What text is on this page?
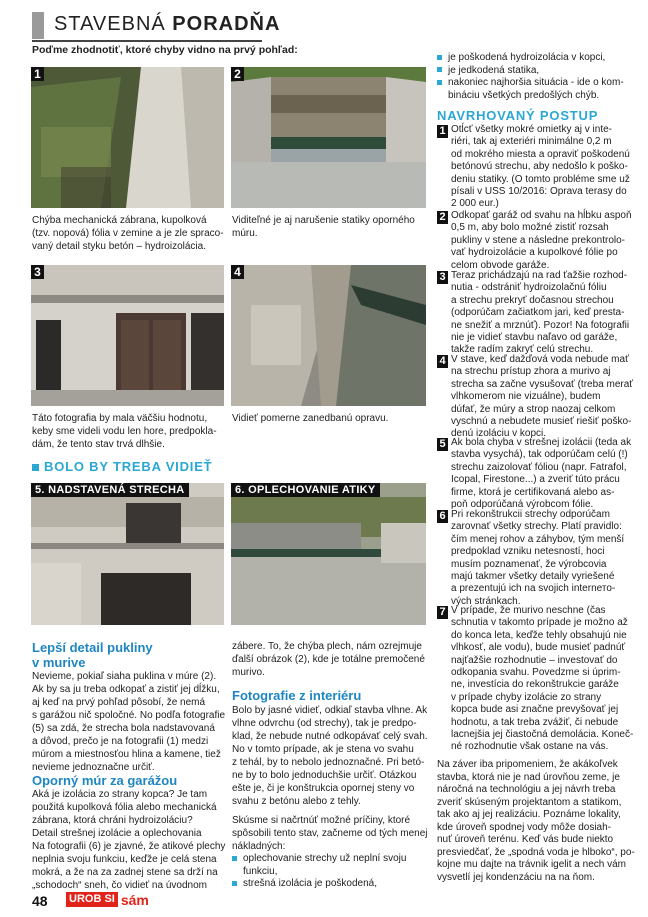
STAVEBNÁ PORADŇA
Poďme zhodnotiť, ktoré chyby vidno na prvý pohľad:
1
Chýba mechanická zábrana, kupolková
(tzv. nopová) fólia v zemine a je zle spraco-
vaný detail styku betón – hydroizolácia.
2
Viditeľné je aj narušenie statiky oporného
múru.
3
Táto fotografia by mala väčšiu hodnotu,
keby sme videli vodu len hore, predpokla-
dám, že tento stav trvá dlhšie.
4
Vidieť pomerne zanedbanú opravu.
BOLO BY TREBA VIDIEŤ
5. NADSTAVENÁ STRECHA	6. OPLECHOVANIE ATIKY
Lepší detail pukliny
v murive
Nevieme, pokiaľ siaha puklina v múre (2).
Ak by sa ju treba odkopať a zistiť jej dĺžku,
aj keď na prvý pohľad pôsobí, že nemá
s garážou nič spoločné. No podľa fotografie
(5) sa zdá, že strecha bola nadstavovaná
a dôvod, prečo je na fotografii (1) medzi
múrom a miestnosťou hlina a kamene, tiež
nevieme jednoznačne určiť.
Oporný múr za garážou
Aká je izolácia zo strany kopca? Je tam
použitá kupolková fólia alebo mechanická
zábrana, ktorá chráni hydroizoláciu?
Detail strešnej izolácie a oplechovania
Na fotografii (6) je zjavné, že atikové plechy
neplnia svoju funkciu, keďže je celá stena
mokrá, a že na za zadnej stene sa drží na
„schodoch“ sneh, čo vidieť na úvodnom
zábere. To, že chýba plech, nám ozrejmuje
ďalší obrázok (2), kde je totálne premočené
murivo.
Fotografie z interiéru
Bolo by jasné vidieť, odkiaľ stavba vlhne. Ak
vlhne odvrchu (od strechy), tak je predpo-
klad, že nebude nutné odkopávať celý svah.
No v tomto prípade, ak je stena vo svahu
z tehál, by to nebolo jednoznačné. Pri betó-
ne by to bolo jednoduchšie určiť. Otázkou
ešte je, či je konštrukcia opornej steny vo
svahu z betónu alebo z tehly.
Skúsme si načrtnúť možné príčiny, ktoré
spôsobili tento stav, začneme od tých menej
nákladných:
oplechovanie strechy už neplní svoju
funkciu,
strešná izolácia je poškodená,
je poškodená hydroizolácia v kopci,
je jedkodená statika,
nakoniec najhoršia situácia - ide o kom-
bináciu všetkých predošlých chýb.
NAVRHOVANÝ POSTUP
1 Otĺcť všetky mokré omietky aj v inte-
riéri, tak aj exteriéri minimálne 0,2 m
od mokrého miesta a opraviť poškodenú
betónovú strechu, aby nedošlo k poško-
deniu statiky. (O tomto probléme sme už
písali v USS 10/2016: Oprava terasy do
2 000 eur.)
2 Odkopať garáž od svahu na hĺbku aspoň
0,5 m, aby bolo možné zistiť rozsah
pukliny v stene a následne prekontrolo-
vať hydroizolácie a kupolkové fólie po
celom obvode garáže.
3 Teraz prichádzajú na rad ťažšie rozhod-
nutia - odstrániť hydroizolačnú fóliu
a strechu prekryť dočasnou strechou
(odporúčam začiatkom jari, keď presta-
ne snežiť a mrznúť). Pozor! Na fotografii
nie je vidieť stavbu naľavo od garáže,
takže radím zakryť celú strechu.
4 V stave, keď dažďová voda nebude mať
na strechu prístup zhora a murivo aj
strecha sa začne vysušovať (treba merať
vlhkomerom nie vizuálne), budem
dúfať, že múry a strop naozaj celkom
vyschnú a nebudete musieť riešiť poško-
denú izoláciu v kopci.
5 Ak bola chyba v strešnej izolácii (teda ak
stavba vysychá), tak odporúčam celú (!)
strechu zaizolovať fóliou (napr. Fatrafol,
Icopal, Firestone...) a zveriť túto prácu
firme, ktorá je certifikovaná alebo as-
poň odporúčaná výrobcom fólie.
6 Pri rekonštrukcii strechy odporúčam
zarovnať všetky strechy. Platí pravidlo:
čím menej rohov a záhybov, tým menší
predpoklad vzniku netesností, hoci
musím poznamenať, že výrobcovia
majú takmer všetky detaily vyriešené
a prezentujú ich na svojich internето-
vých stránkach.
7 V prípade, že murivo neschne (čas
schnutia v takomto prípade je možno až
do konca leta, keďže tehly obsahujú nie
vlhkosť, ale vodu), bude musieť padnúť
najťažšie rozhodnutie – investovať do
odkopania svahu. Povedzme si úprim-
ne, investícia do rekonštrukcie garáže
v prípade chyby izolácie zo strany
kopca bude asi značne prevyšovať jej
hodnotu, a tak treba zvážiť, či nebude
lacnejšia jej čiastočná demolácia. Koneč-
né rozhodnutie však ostane na vás.
Na záver iba pripomeniem, že akákoľvek
stavba, ktorá nie je nad úrovňou zeme, je
náročná na technológiu a jej návrh treba
zveriť skúseným projektantom a statikom,
tak ako aj jej realizáciu. Poznáme lokality,
kde úroveň spodnej vody môže dosiah-
nuť úroveň terénu. Keď vás bude niekto
presviedčať, že „spodná voda je hlboko“, po-
kojne mu dajte na trávnik igelit a nech vám
vysvetlí jej kondenzáciu na na ňom.
48 UROB SI sám
